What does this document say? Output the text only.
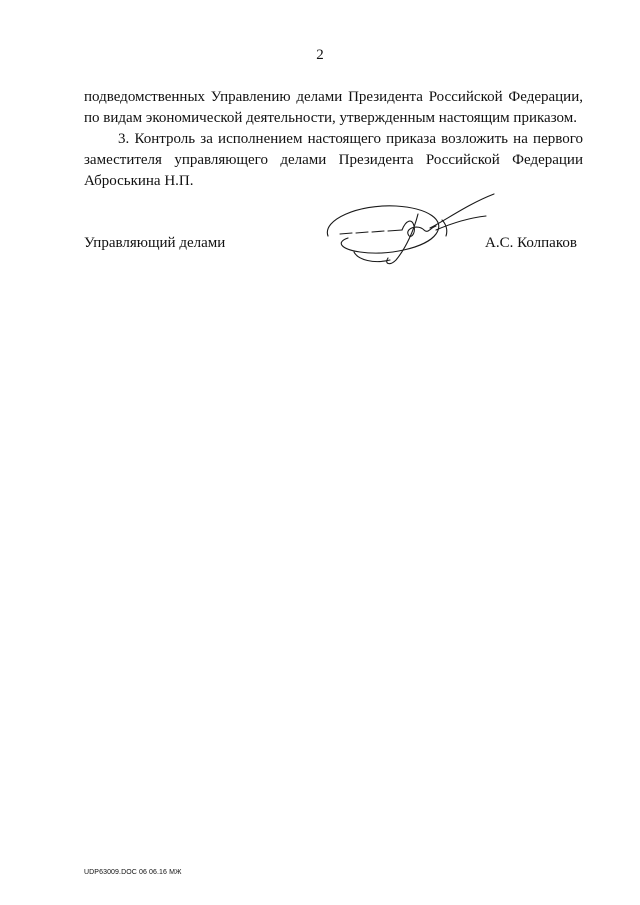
2

подведомственных Управлению делами Президента Российской Федерации,
по видам экономической деятельности, утвержденным настоящим приказом.

3. Контроль за исполнением настоящего приказа возложить на первого
заместителя управляющего делами Президента Российской Федерации
Аброськина Н.П.

Управляющий делами	А.С. Колпаков
UDP63009.DOC 06 06.16 МЖ
